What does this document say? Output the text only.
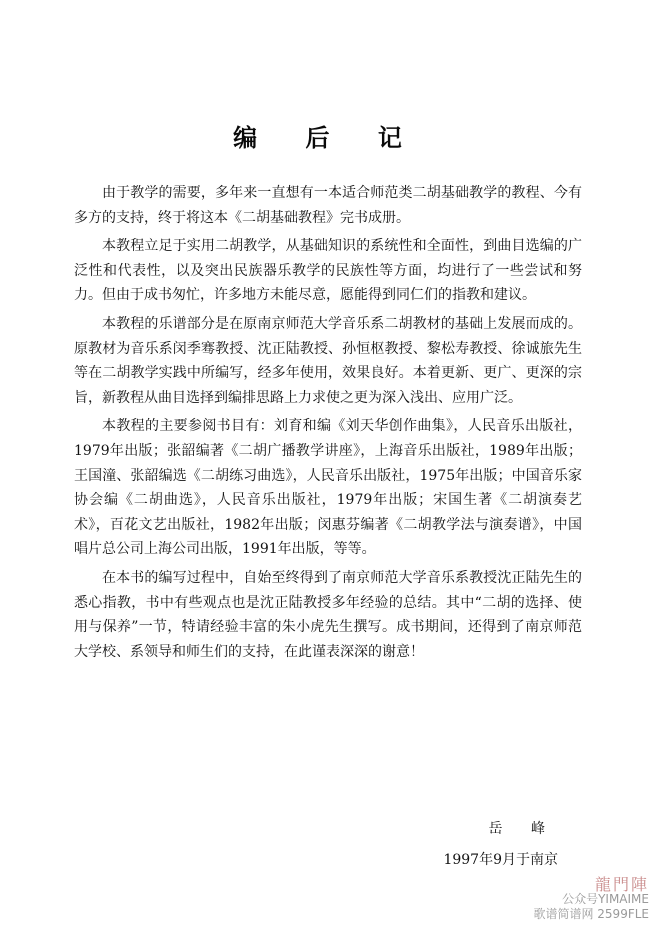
编 后 记

由于教学的需要，多年来一直想有一本适合师范类二胡基础教学的教程、今有多方的支持，终于将这本《二胡基础教程》完书成册。

本教程立足于实用二胡教学，从基础知识的系统性和全面性，到曲目选编的广泛性和代表性，以及突出民族器乐教学的民族性等方面，均进行了一些尝试和努力。但由于成书匆忙，许多地方未能尽意，愿能得到同仁们的指教和建议。

本教程的乐谱部分是在原南京师范大学音乐系二胡教材的基础上发展而成的。原教材为音乐系闵季骞教授、沈正陆教授、孙恒枢教授、黎松寿教授、徐诚旅先生等在二胡教学实践中所编写，经多年使用，效果良好。本着更新、更广、更深的宗旨，新教程从曲目选择到编排思路上力求使之更为深入浅出、应用广泛。

本教程的主要参阅书目有：刘育和编《刘天华创作曲集》，人民音乐出版社，1979年出版；张韶编著《二胡广播教学讲座》，上海音乐出版社，1989年出版；王国潼、张韶编选《二胡练习曲选》，人民音乐出版社，1975年出版；中国音乐家协会编《二胡曲选》，人民音乐出版社，1979年出版；宋国生著《二胡演奏艺术》，百花文艺出版社，1982年出版；闵惠芬编著《二胡教学法与演奏谱》，中国唱片总公司上海公司出版，1991年出版，等等。

在本书的编写过程中，自始至终得到了南京师范大学音乐系教授沈正陆先生的悉心指教，书中有些观点也是沈正陆教授多年经验的总结。其中“二胡的选择、使用与保养”一节，特请经验丰富的朱小虎先生撰写。成书期间，还得到了南京师范大学校、系领导和师生们的支持，在此谨表深深的谢意！

岳 峰
1997年9月于南京
龍門陣
公众号YIMAIME
歌谱简谱网 2599FLE
